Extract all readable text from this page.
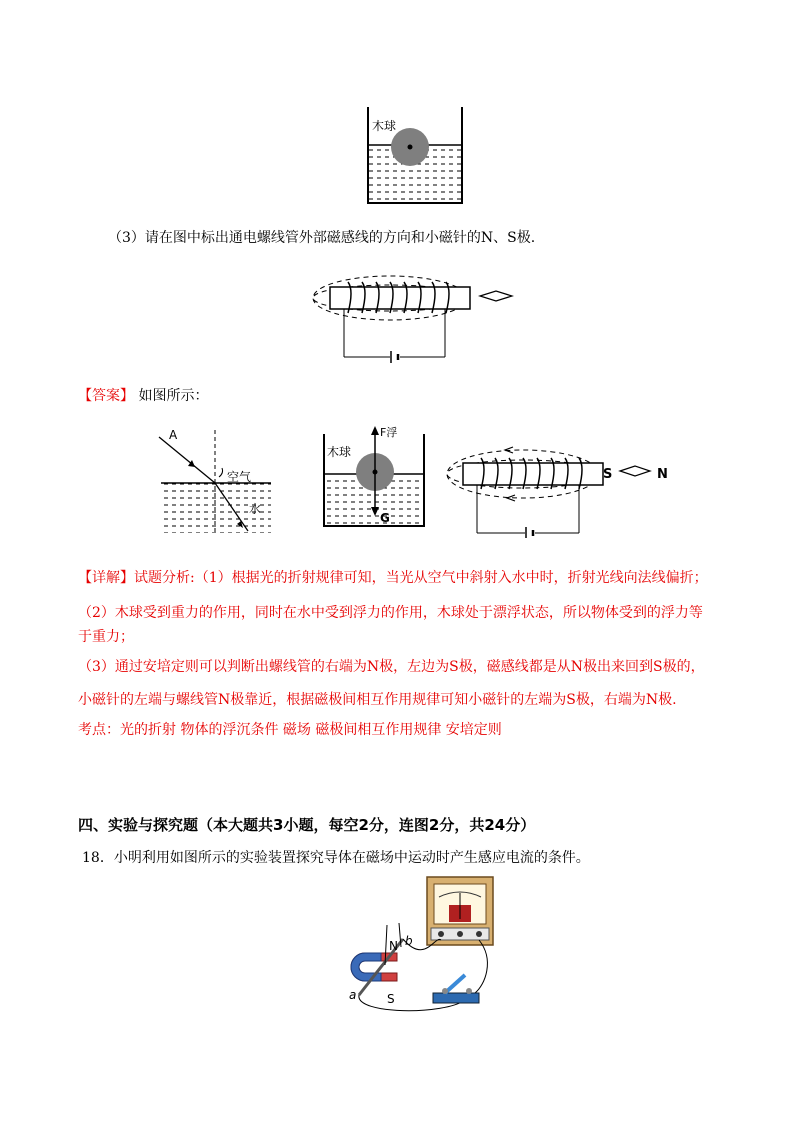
木球
（3）请在图中标出通电螺线管外部磁感线的方向和小磁针的N、S极.
【答案】 如图所示：
A
空气
水
木球
F浮
G
S	N
【详解】试题分析:（1）根据光的折射规律可知，当光从空气中斜射入水中时，折射光线向法线偏折；
（2）木球受到重力的作用，同时在水中受到浮力的作用，木球处于漂浮状态，所以物体受到的浮力等
于重力；
（3）通过安培定则可以判断出螺线管的右端为N极，左边为S极，磁感线都是从N极出来回到S极的，
小磁针的左端与螺线管N极靠近，根据磁极间相互作用规律可知小磁针的左端为S极，右端为N极.
考点：光的折射 物体的浮沉条件 磁场 磁极间相互作用规律 安培定则
四、实验与探究题（本大题共3小题，每空2分，连图2分，共24分）
18．小明利用如图所示的实验装置探究导体在磁场中运动时产生感应电流的条件。
N
S
a
b
